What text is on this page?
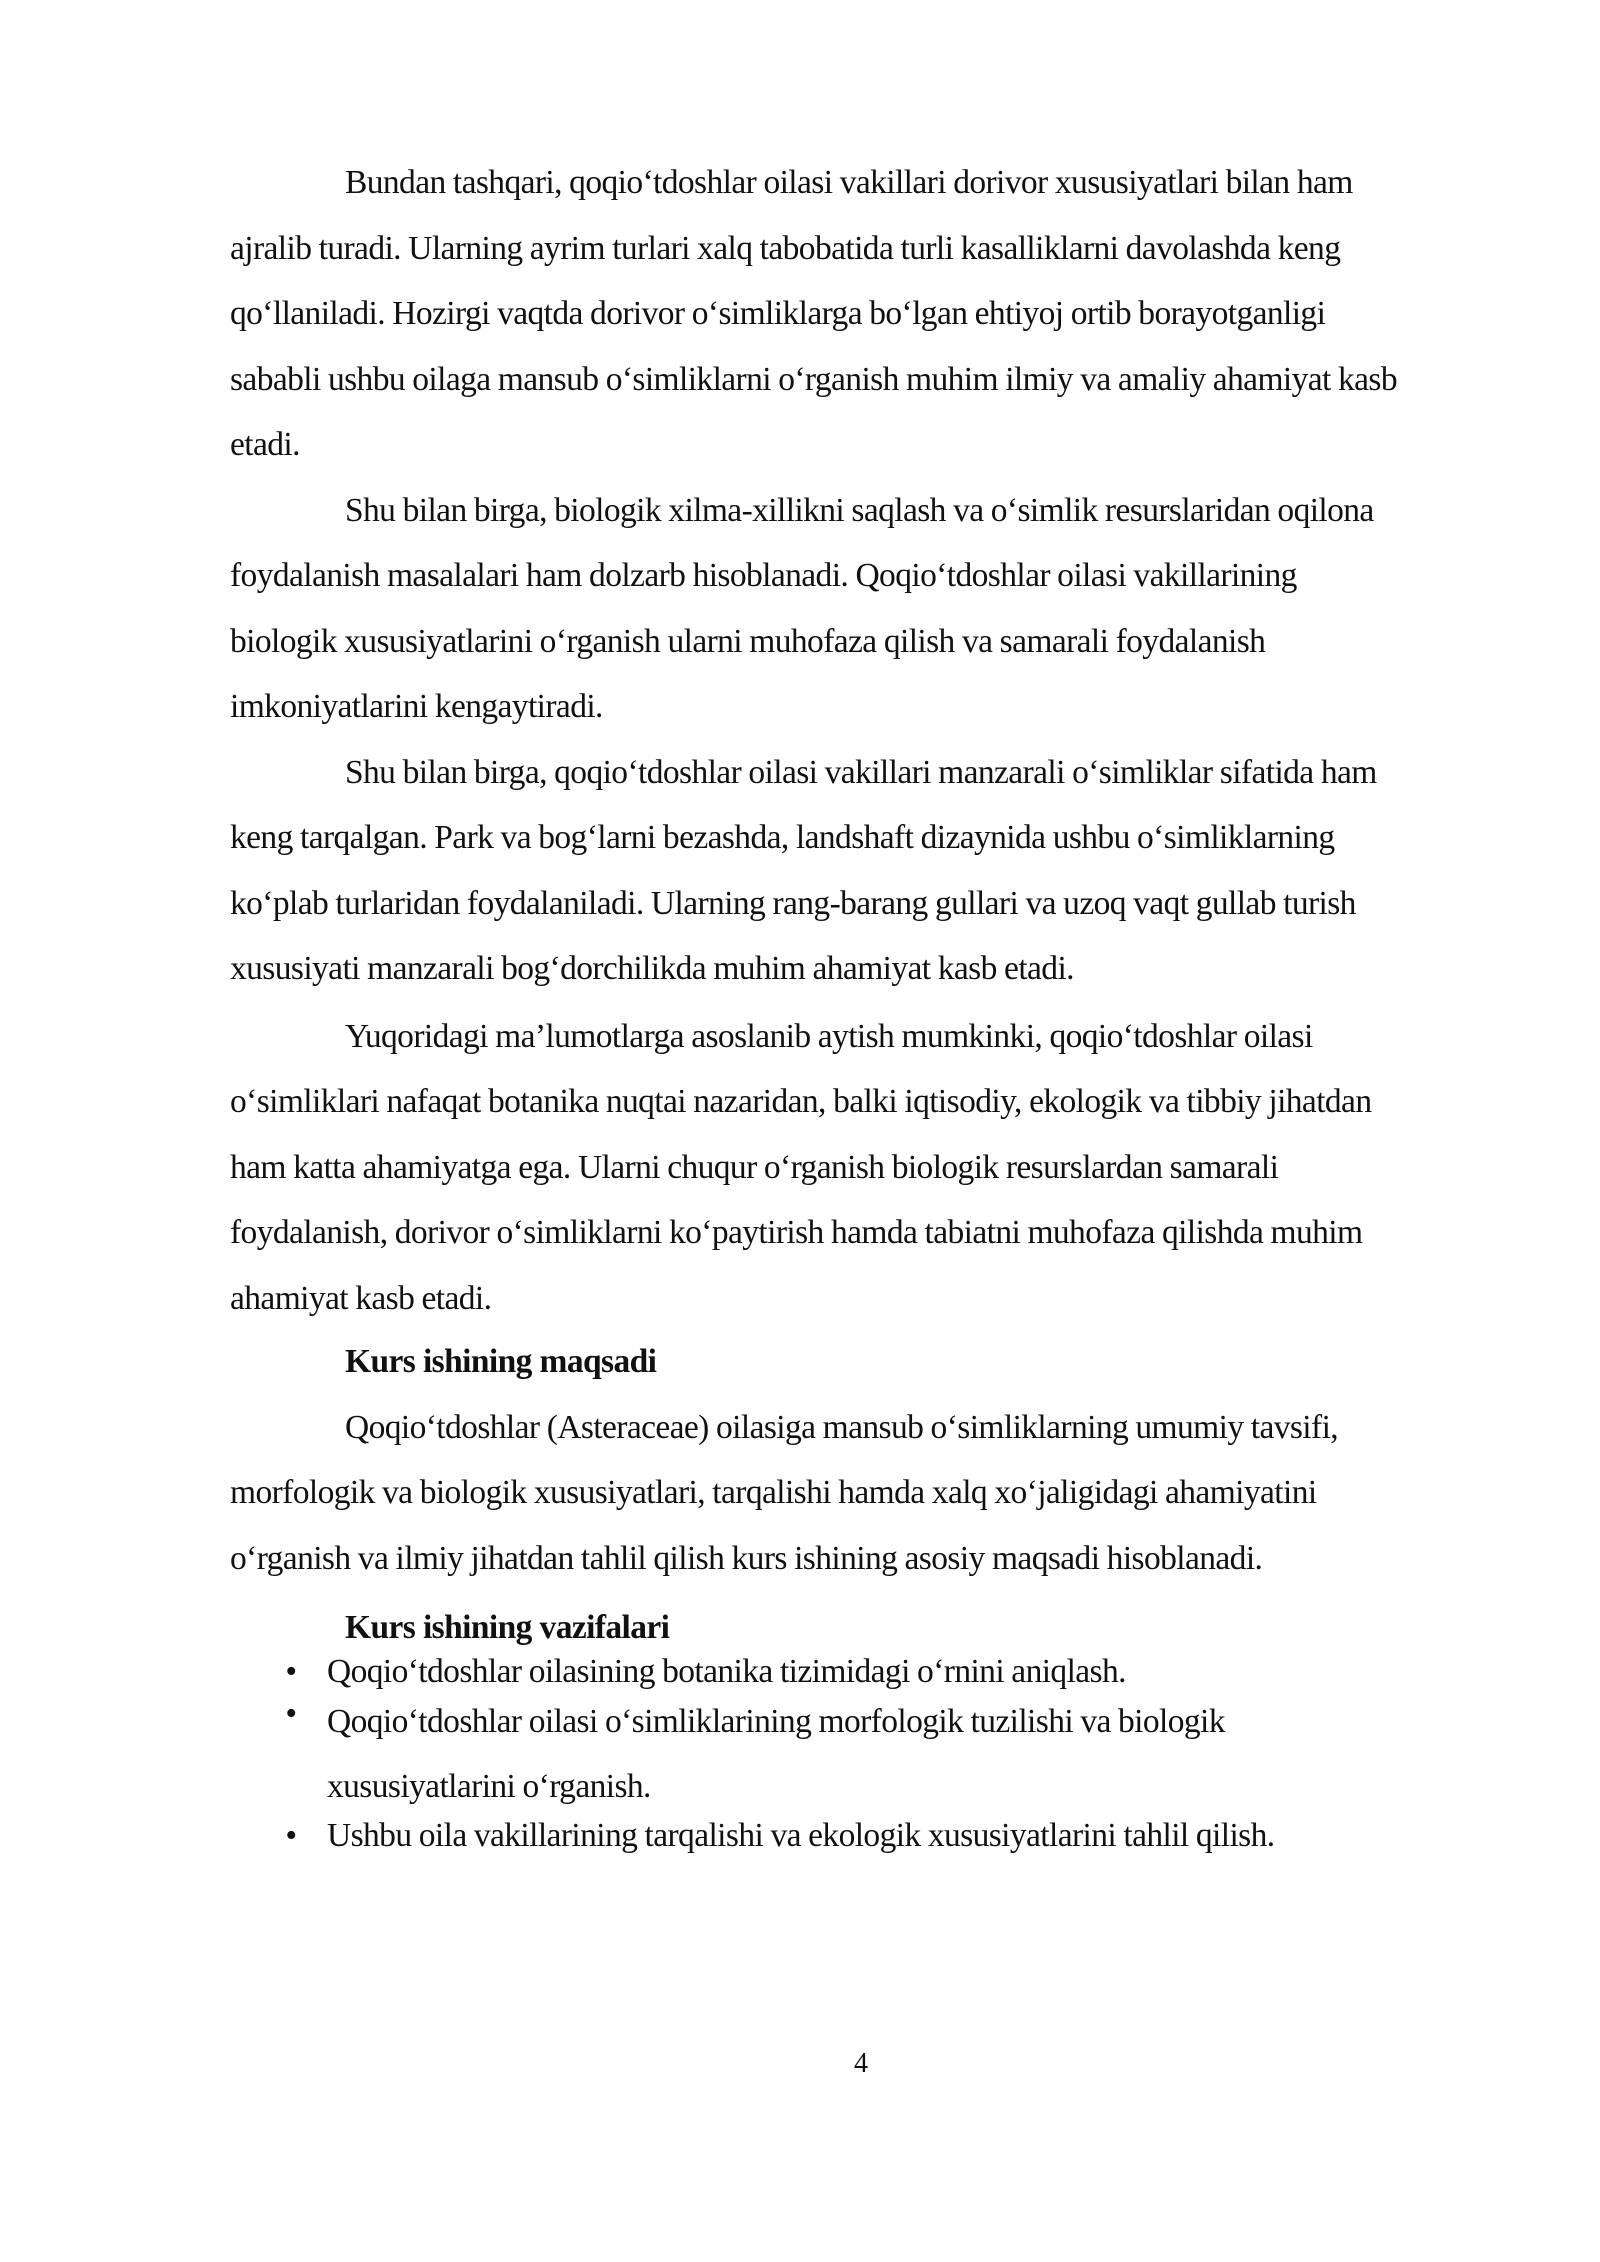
Bundan tashqari, qoqio‘tdoshlar oilasi vakillari dorivor xususiyatlari bilan ham ajralib turadi. Ularning ayrim turlari xalq tabobatida turli kasalliklarni davolashda keng qo‘llaniladi. Hozirgi vaqtda dorivor o‘simliklarga bo‘lgan ehtiyoj ortib borayotganligi sababli ushbu oilaga mansub o‘simliklarni o‘rganish muhim ilmiy va amaliy ahamiyat kasb etadi.

Shu bilan birga, biologik xilma-xillikni saqlash va o‘simlik resurslaridan oqilona foydalanish masalalari ham dolzarb hisoblanadi. Qoqio‘tdoshlar oilasi vakillarining biologik xususiyatlarini o‘rganish ularni muhofaza qilish va samarali foydalanish imkoniyatlarini kengaytiradi.

Shu bilan birga, qoqio‘tdoshlar oilasi vakillari manzarali o‘simliklar sifatida ham keng tarqalgan. Park va bog‘larni bezashda, landshaft dizaynida ushbu o‘simliklarning ko‘plab turlaridan foydalaniladi. Ularning rang-barang gullari va uzoq vaqt gullab turish xususiyati manzarali bog‘dorchilikda muhim ahamiyat kasb etadi.

Yuqoridagi ma’lumotlarga asoslanib aytish mumkinki, qoqio‘tdoshlar oilasi o‘simliklari nafaqat botanika nuqtai nazaridan, balki iqtisodiy, ekologik va tibbiy jihatdan ham katta ahamiyatga ega. Ularni chuqur o‘rganish biologik resurslardan samarali foydalanish, dorivor o‘simliklarni ko‘paytirish hamda tabiatni muhofaza qilishda muhim ahamiyat kasb etadi.

Kurs ishining maqsadi

Qoqio‘tdoshlar (Asteraceae) oilasiga mansub o‘simliklarning umumiy tavsifi, morfologik va biologik xususiyatlari, tarqalishi hamda xalq xo‘jaligidagi ahamiyatini o‘rganish va ilmiy jihatdan tahlil qilish kurs ishining asosiy maqsadi hisoblanadi.

Kurs ishining vazifalari

• Qoqio‘tdoshlar oilasining botanika tizimidagi o‘rnini aniqlash.
• Qoqio‘tdoshlar oilasi o‘simliklarining morfologik tuzilishi va biologik xususiyatlarini o‘rganish.
• Ushbu oila vakillarining tarqalishi va ekologik xususiyatlarini tahlil qilish.
4
